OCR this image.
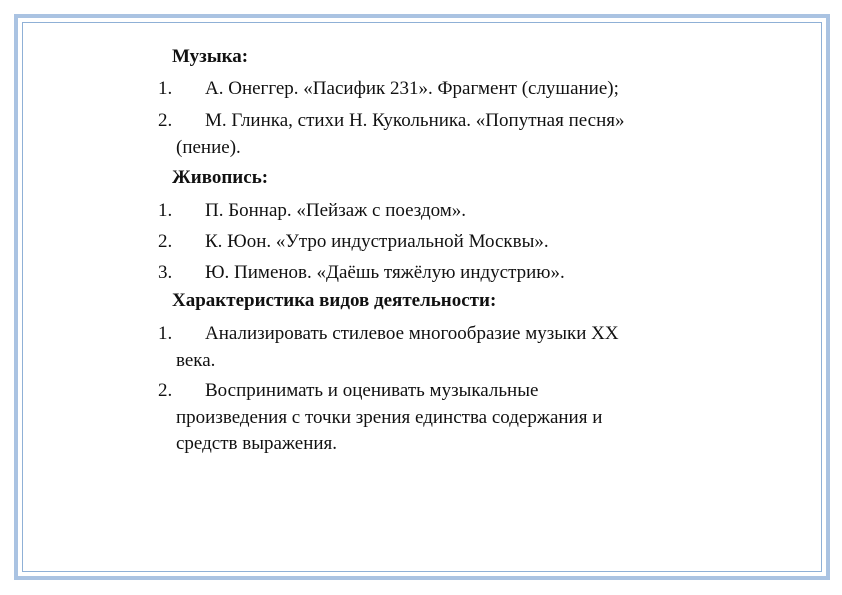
Музыка:
1. А. Онеггер. «Пасифик 231». Фрагмент (слушание);
2. М. Глинка, стихи Н. Кукольника. «Попутная песня»
(пение).
Живопись:
1. П. Боннар. «Пейзаж с поездом».
2. К. Юон. «Утро индустриальной Москвы».
3. Ю. Пименов. «Даёшь тяжёлую индустрию».
Характеристика видов деятельности:
1. Анализировать стилевое многообразие музыки XX
века.
2. Воспринимать и оценивать музыкальные
произведения с точки зрения единства содержания и
средств выражения.
